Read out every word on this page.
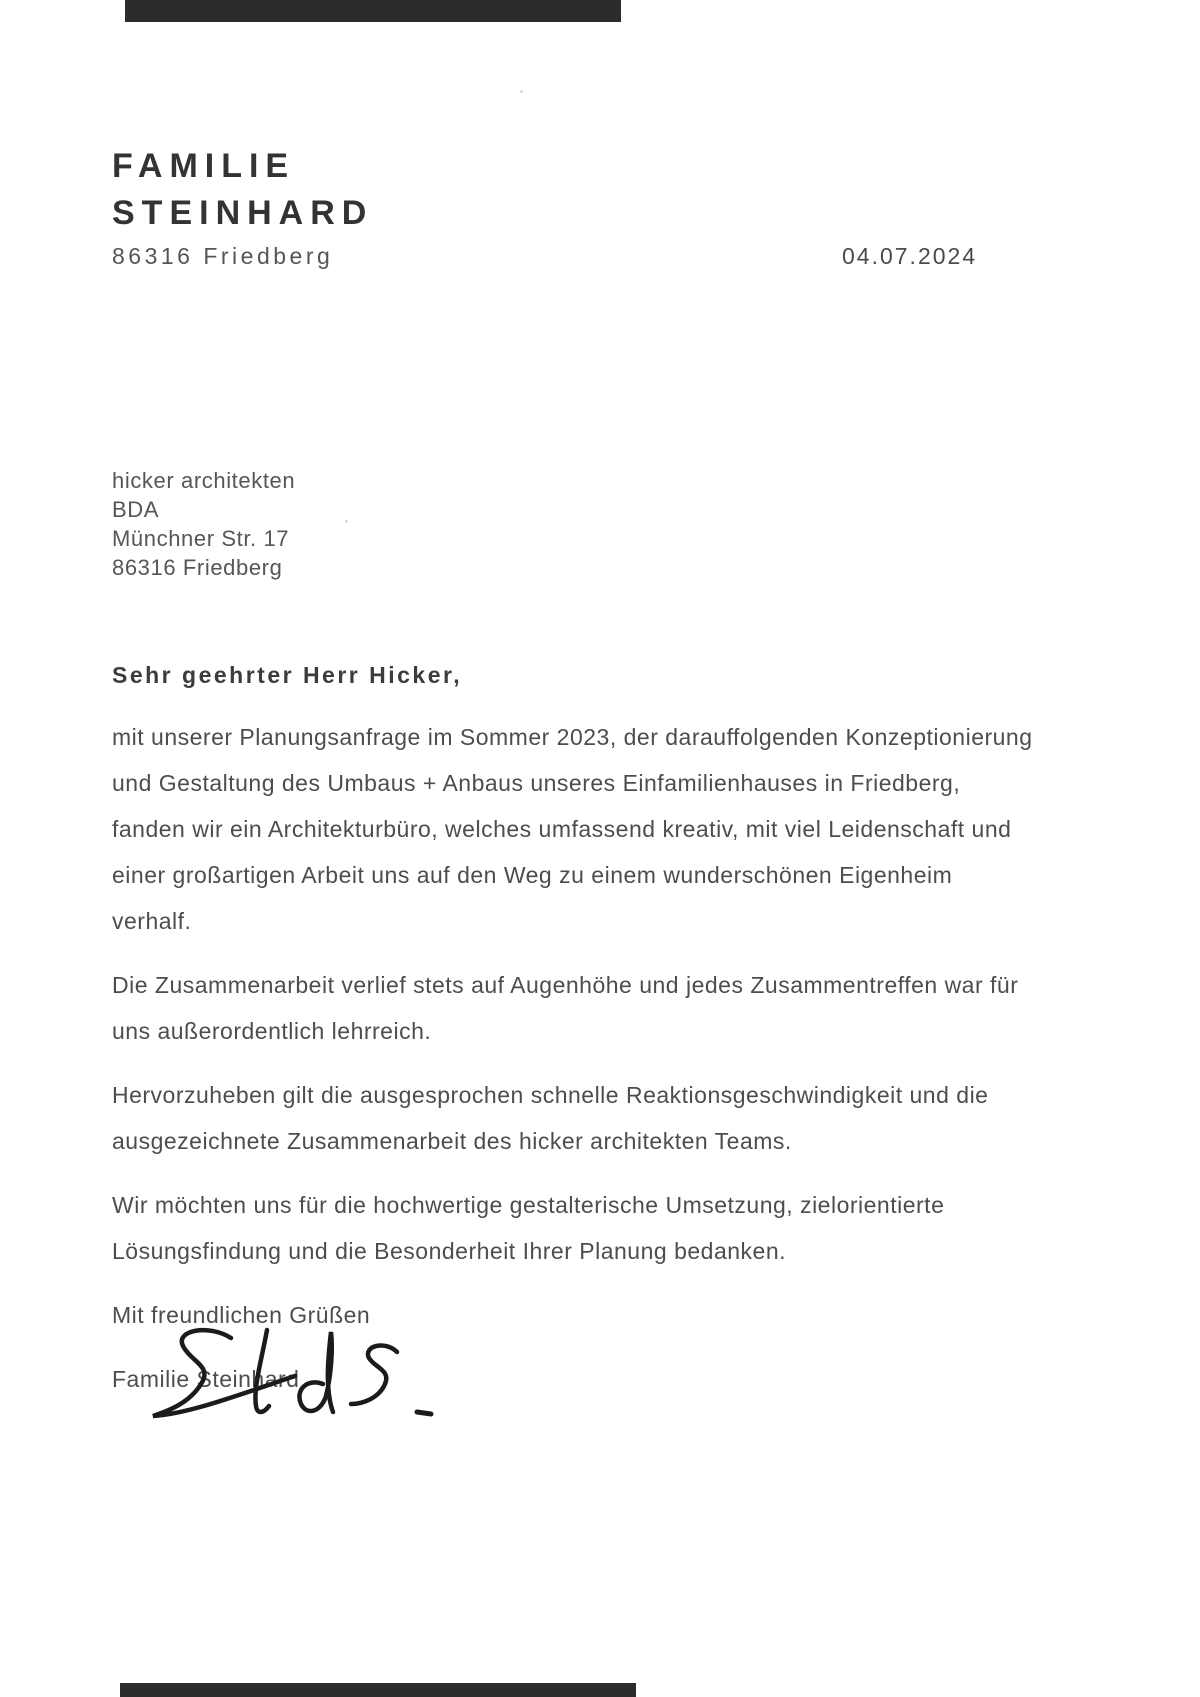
FAMILIE
STEINHARD
86316 Friedberg	04.07.2024
hicker architekten
BDA
Münchner Str. 17
86316 Friedberg
Sehr geehrter Herr Hicker,

mit unserer Planungsanfrage im Sommer 2023, der darauffolgenden Konzeptionierung und Gestaltung des Umbaus + Anbaus unseres Einfamilienhauses in Friedberg, fanden wir ein Architekturbüro, welches umfassend kreativ, mit viel Leidenschaft und einer großartigen Arbeit uns auf den Weg zu einem wunderschönen Eigenheim verhalf.

Die Zusammenarbeit verlief stets auf Augenhöhe und jedes Zusammentreffen war für uns außerordentlich lehrreich.

Hervorzuheben gilt die ausgesprochen schnelle Reaktionsgeschwindigkeit und die ausgezeichnete Zusammenarbeit des hicker architekten Teams.

Wir möchten uns für die hochwertige gestalterische Umsetzung, zielorientierte Lösungsfindung und die Besonderheit Ihrer Planung bedanken.

Mit freundlichen Grüßen

Familie Steinhard
